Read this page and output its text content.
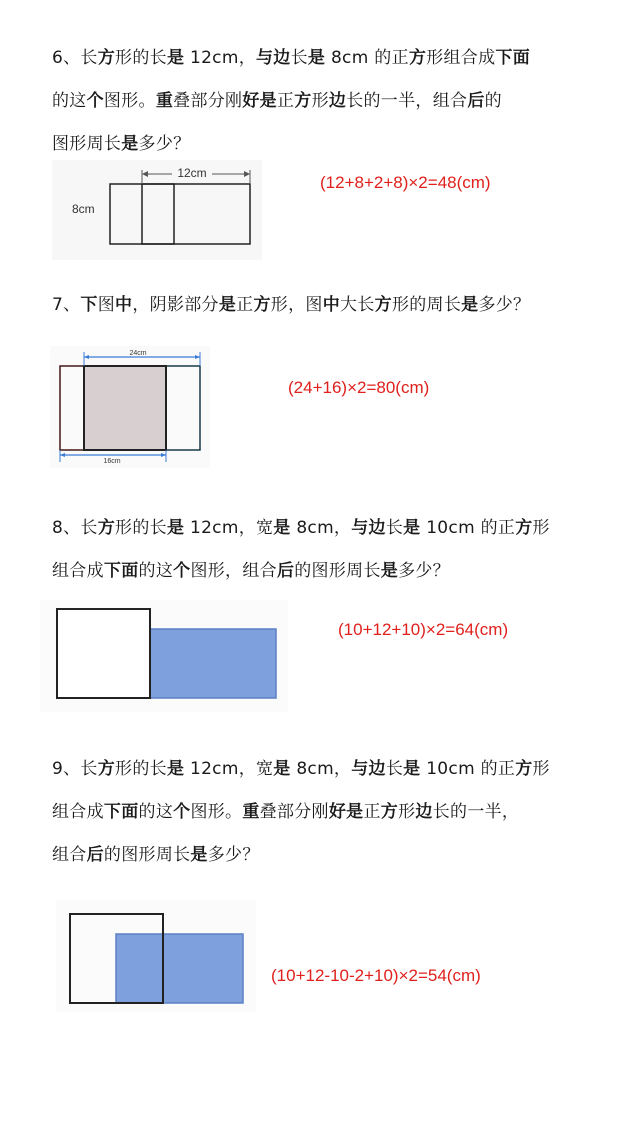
6、长方形的长是 12cm，与边长是 8cm 的正方形组合成下面

的这个图形。重叠部分刚好是正方形边长的一半，组合后的

图形周长是多少？

12cm
8cm
(12+8+2+8)×2=48(cm)

7、下图中，阴影部分是正方形，图中大长方形的周长是多少？

24cm
16cm
(24+16)×2=80(cm)

8、长方形的长是 12cm，宽是 8cm，与边长是 10cm 的正方形

组合成下面的这个图形，组合后的图形周长是多少？

(10+12+10)×2=64(cm)

9、长方形的长是 12cm，宽是 8cm，与边长是 10cm 的正方形

组合成下面的这个图形。重叠部分刚好是正方形边长的一半，

组合后的图形周长是多少？

(10+12-10-2+10)×2=54(cm)
